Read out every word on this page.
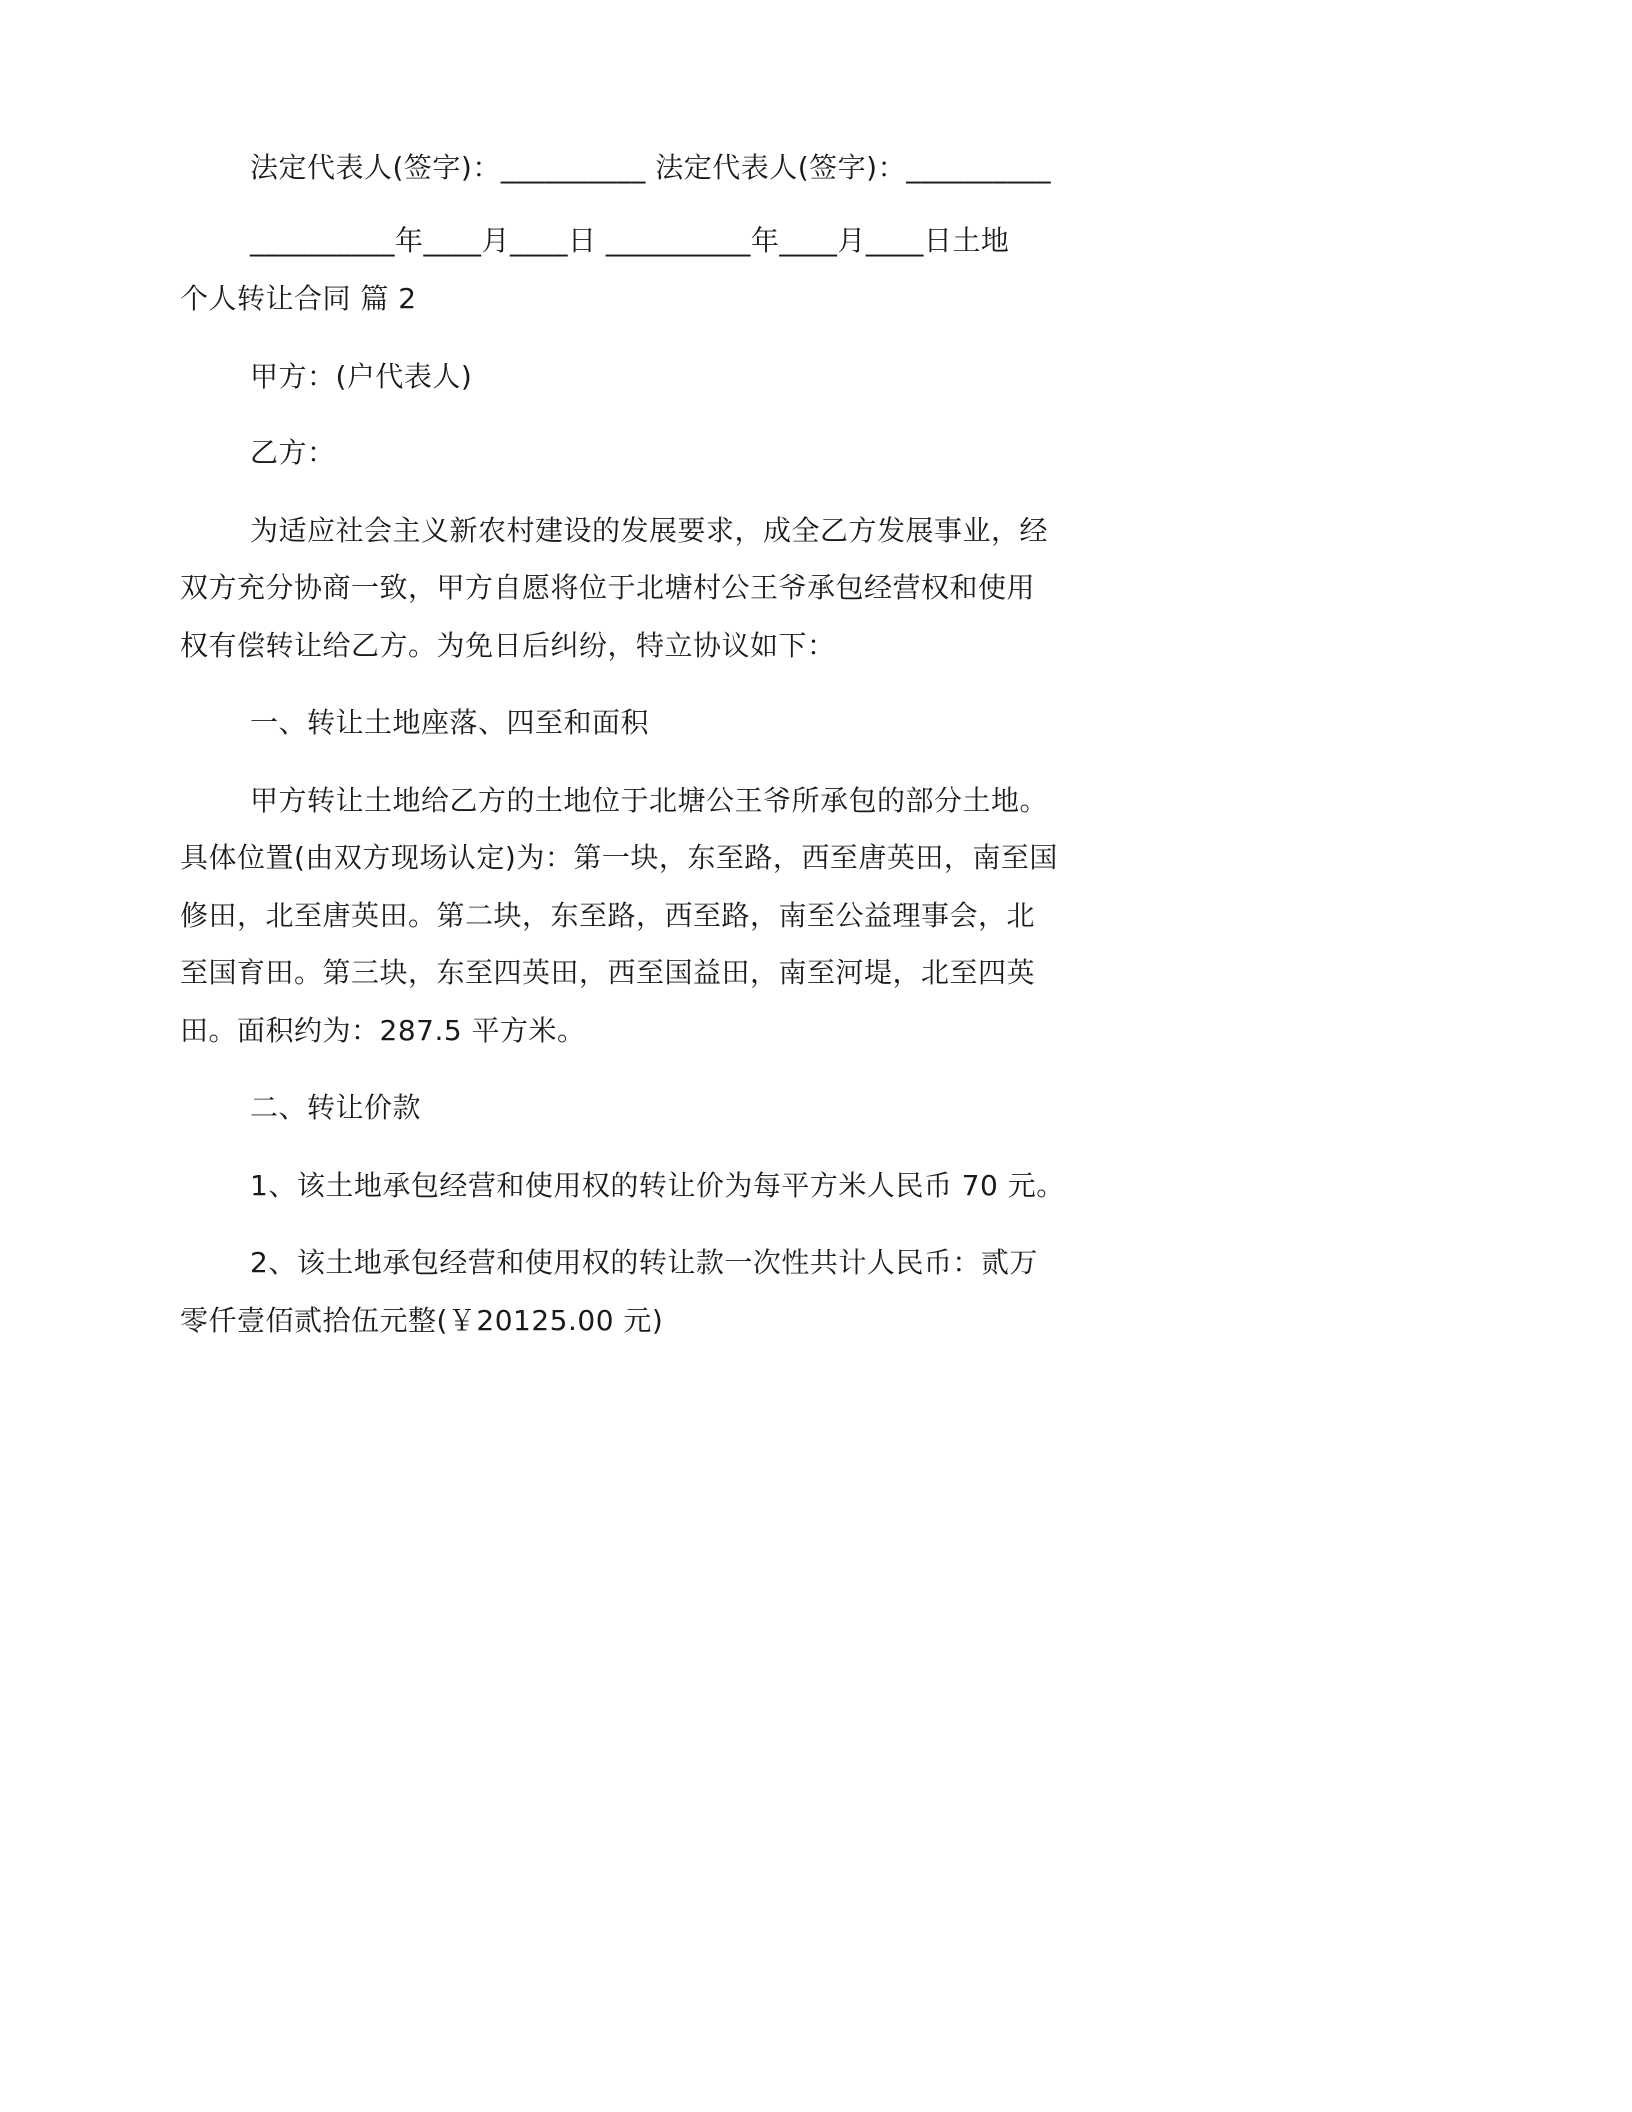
法定代表人(签字)：__________ 法定代表人(签字)：__________
__________年____月____日 __________年____月____日土地
个人转让合同 篇 2
甲方：(户代表人)
乙方：
为适应社会主义新农村建设的发展要求，成全乙方发展事业，经
双方充分协商一致，甲方自愿将位于北塘村公王爷承包经营权和使用
权有偿转让给乙方。为免日后纠纷，特立协议如下：
一、转让土地座落、四至和面积
甲方转让土地给乙方的土地位于北塘公王爷所承包的部分土地。
具体位置(由双方现场认定)为：第一块，东至路，西至唐英田，南至国
修田，北至唐英田。第二块，东至路，西至路，南至公益理事会，北
至国育田。第三块，东至四英田，西至国益田，南至河堤，北至四英
田。面积约为：287.5 平方米。
二、转让价款
1、该土地承包经营和使用权的转让价为每平方米人民币 70 元。
2、该土地承包经营和使用权的转让款一次性共计人民币：贰万
零仟壹佰贰拾伍元整(￥20125.00 元)
